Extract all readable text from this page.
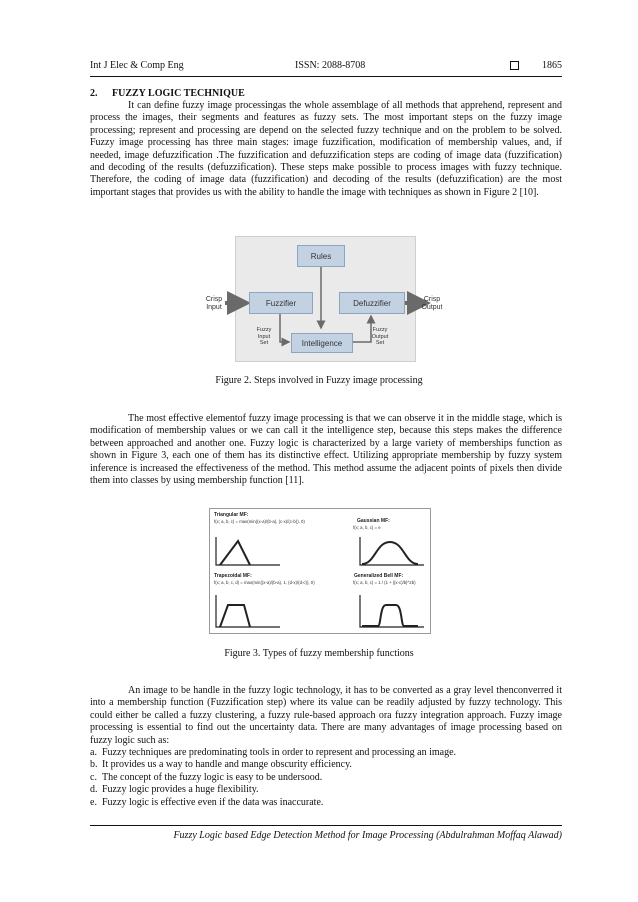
Int J Elec & Comp Eng	ISSN: 2088-8708	1865
2. FUZZY LOGIC TECHNIQUE
It can define fuzzy image processingas the whole assemblage of all methods that apprehend, represent and process the images, their segments and features as fuzzy sets. The most important steps on the fuzzy image processing; represent and processing are depend on the selected fuzzy technique and on the problem to be solved. Fuzzy image processing has three main stages: image fuzzification, modification of membership values, and, if needed, image defuzzification .The fuzzification and defuzzification steps are coding of image data (fuzzification) and decoding of the results (defuzzification). These steps make possible to process images with fuzzy technique. Therefore, the coding of image data (fuzzification) and decoding of the results (defuzzification) are the most important stages that provides us with the ability to handle the image with techniques as shown in Figure 2 [10].
Rules
Fuzzifier	Defuzzifier
Intelligence
Crisp
Input
Crisp
Output
Fuzzy
Input
Set
Fuzzy
Output
Set
Figure 2. Steps involved in Fuzzy image processing
The most effective elementof fuzzy image processing is that we can observe it in the middle stage, which is modification of membership values or we can call it the intelligence step, because this steps makes the difference between approached and another one. Fuzzy logic is characterized by a large variety of memberships function as shown in Figure 3, each one of them has its distinctive effect. Utilizing appropriate membership by fuzzy system inference is increased the effectiveness of the method. This method assume the adjacent points of pixels then divide them into classes by using membership function [11].
Triangular MF:
f(x; a, b, c) = max(min((x-a)/(b-a), (c-x)/(c-b)), 0)	Gaussian MF:
f(x; a, b, c) = e
Trapezoidal MF:
f(x; a, b, c, d) = max(min((x-a)/(b-a), 1, (d-x)/(d-c)), 0)
Generalized Bell MF:
f(x; a, b, c) = 1 / (1 + |(x-c)/b|^2b)
Figure 3. Types of fuzzy membership functions
An image to be handle in the fuzzy logic technology, it has to be converted as a gray level thenconverred it into a membership function (Fuzzification step) where its value can be readily adjusted by fuzzy technology. This could either be called a fuzzy clustering, a fuzzy rule-based approach ora fuzzy integration approach. Fuzzy image processing is essential to find out the uncertainty data. There are many advantages of image processing based on fuzzy logic such as:
a. Fuzzy techniques are predominating tools in order to represent and processing an image.
b. It provides us a way to handle and mange obscurity efficiency.
c. The concept of the fuzzy logic is easy to be undersood.
d. Fuzzy logic provides a huge flexibility.
e. Fuzzy logic is effective even if the data was inaccurate.
Fuzzy Logic based Edge Detection Method for Image Processing (Abdulrahman Moffaq Alawad)
